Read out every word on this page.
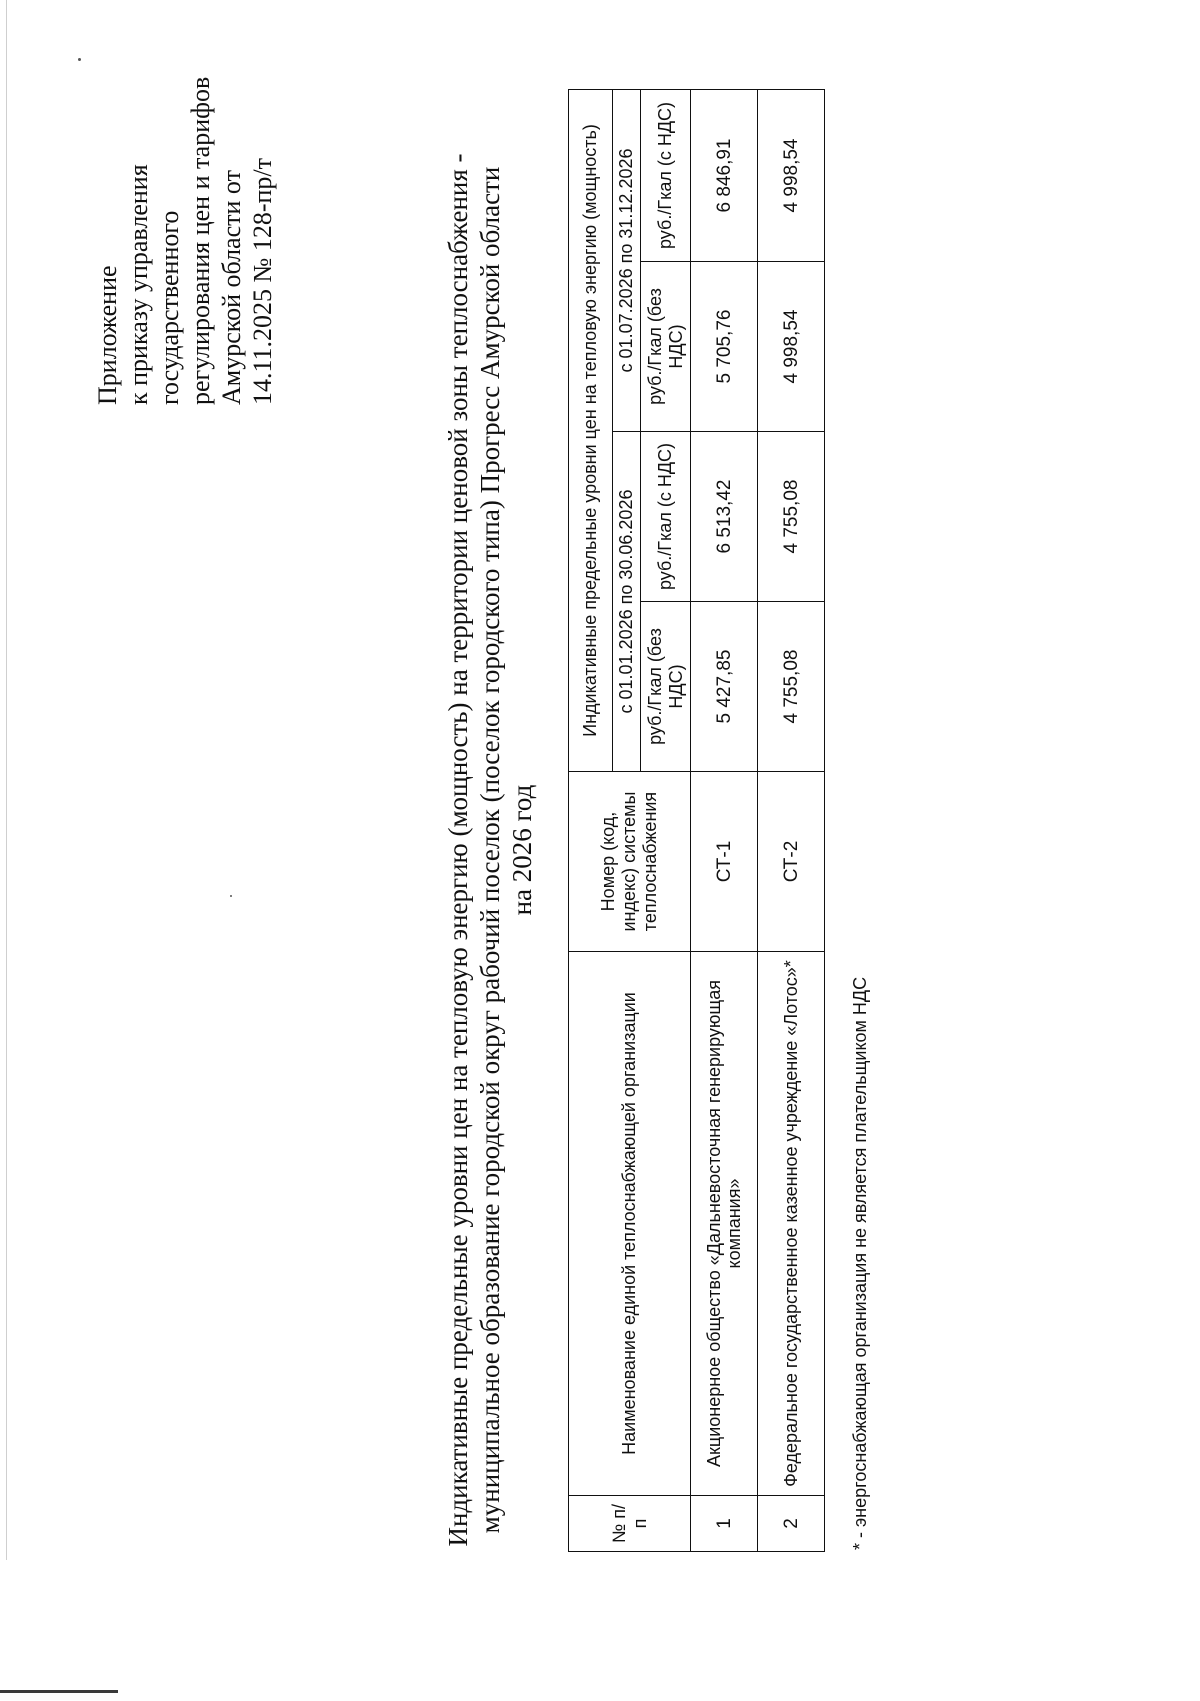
Приложение к приказу управления государственного регулирования цен и тарифов Амурской области от 14.11.2025 № 128-пр/т	Индикативные предельные уровни цен на тепловую энергию (мощность) на территории ценовой зоны теплоснабжения - муниципальное образование городской округ рабочий поселок (поселок городского типа) Прогресс Амурской области на 2026 год
№ п/п	Наименование единой теплоснабжающей организации	Номер (код, индекс) системы теплоснабжения	Индикативные предельные уровни цен на тепловую энергию (мощность)			
			с 01.01.2026 по 30.06.2026		с 01.07.2026 по 31.12.2026	
			руб./Гкал (без НДС)	руб./Гкал (с НДС)	руб./Гкал (без НДС)	руб./Гкал (с НДС)
1	Акционерное общество «Дальневосточная генерирующая компания»	СТ-1	5 427,85	6 513,42	5 705,76	6 846,91
2	Федеральное государственное казенное учреждение «Лотос»*	СТ-2	4 755,08	4 755,08	4 998,54	4 998,54
* - энергоснабжающая организация не является плательщиком НДС
